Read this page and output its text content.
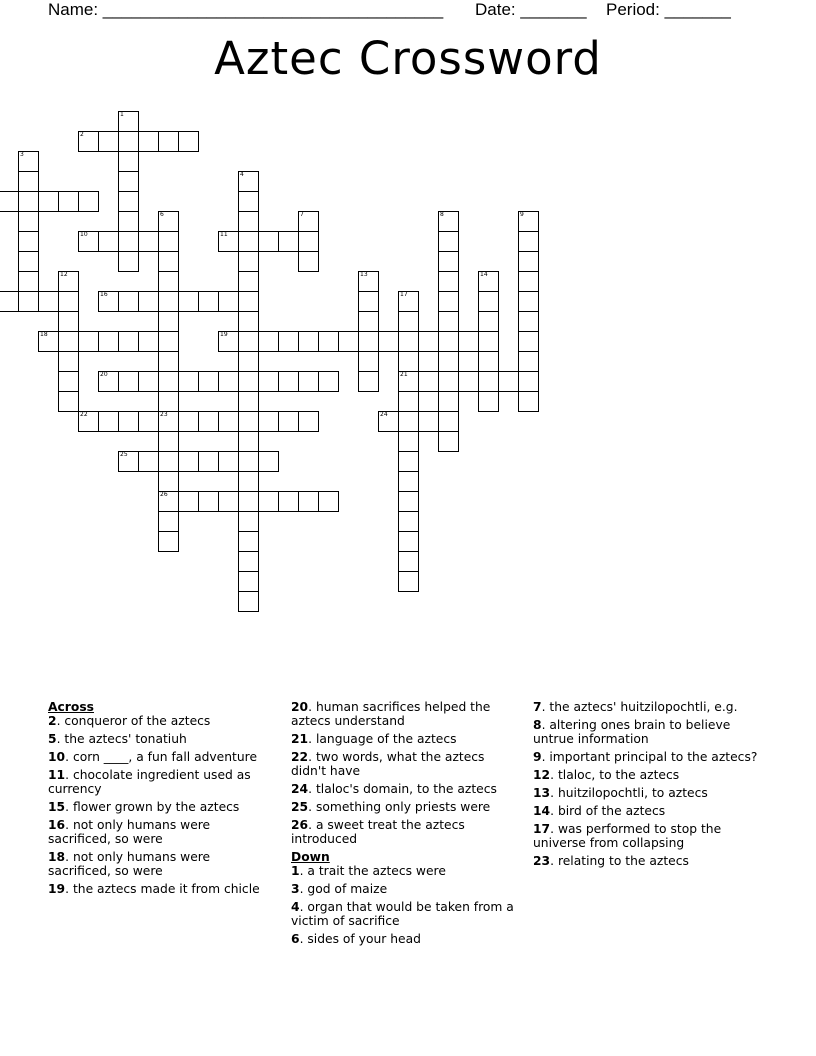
Name: ____________________________________ Date: _______ Period: _______
Aztec Crossword
1
2
3
4
6	7	8	9
10	11
12	13	14
16	17
18	19
20	21
22	23	24
25
26
Across
2. conqueror of the aztecs
5. the aztecs' tonatiuh
10. corn ____, a fun fall adventure
11. chocolate ingredient used as currency
15. flower grown by the aztecs
16. not only humans were sacrificed, so were
18. not only humans were sacrificed, so were
19. the aztecs made it from chicle
20. human sacrifices helped the aztecs understand
21. language of the aztecs
22. two words, what the aztecs didn't have
24. tlaloc's domain, to the aztecs
25. something only priests were
26. a sweet treat the aztecs introduced
Down
1. a trait the aztecs were
3. god of maize
4. organ that would be taken from a victim of sacrifice
6. sides of your head
7. the aztecs' huitzilopochtli, e.g.
8. altering ones brain to believe untrue information
9. important principal to the aztecs?
12. tlaloc, to the aztecs
13. huitzilopochtli, to aztecs
14. bird of the aztecs
17. was performed to stop the universe from collapsing
23. relating to the aztecs
